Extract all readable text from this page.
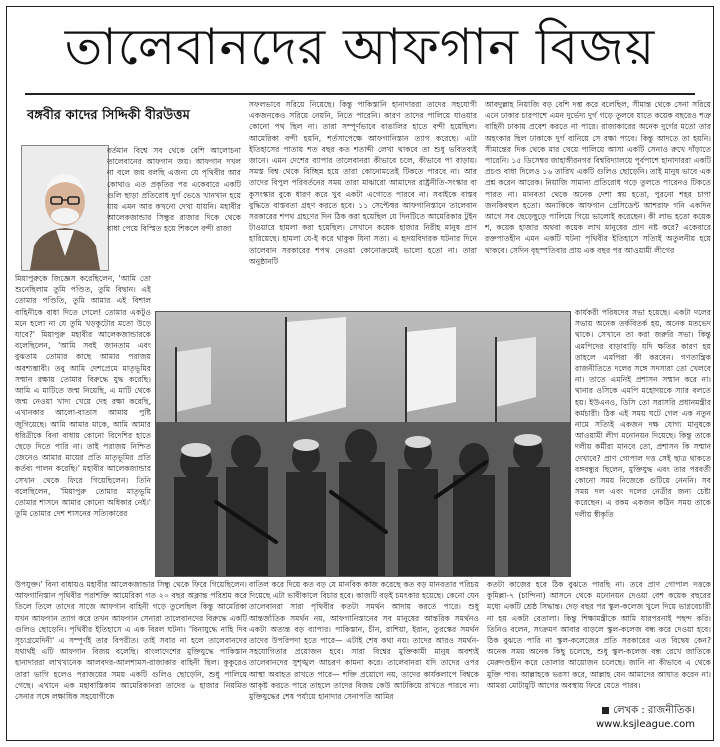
তালেবানদের আফগান বিজয়
বঙ্গবীর কাদের সিদ্দিকী বীরউত্তম
বর্তমান বিশ্বে সব থেকে বেশি আলোচনা তালেবানের আফগান জয়। আফগান দখল না বলে জয় বলছি এজন্য যে পৃথিবীর আর কোথাও এত প্রকৃতির পর একেবারে একটি গুলি ছাড়া প্রতিরোধ দুর্গ ভেঙে খানখান হয়ে যায় এমন আর কখনো দেখা যায়নি। মহাবীর আলেকজান্ডার সিন্ধুর রাজার দিকে থেকে বাধা পেয়ে বিস্মিত হয়ে শিকলে বন্দী রাজা
মিয়াপুরুকে জিজ্ঞেস করেছিলেন, 'আমি তো শুনেছিলাম তুমি পণ্ডিত, তুমি বিদ্বান। এই তোমার পণ্ডিতি, তুমি আমার এই বিশাল বাহিনীকে বাধা দিতে গেলে! তোমার একটুও মনে হলো না যে তুমি খড়কুটোর মতো উড়ে যাবে?' মিয়াপুরু মহাবীর আলেকজান্ডারকে বলেছিলেন, 'আমি সবই জানতাম এবং বুঝতাম তোমার কাছে আমার পরাজয় অবশ্যম্ভাবী। তবু আমি দেশপ্রেমে মাতৃভূমির সম্মান রক্ষায় তোমার বিরুদ্ধে যুদ্ধ করেছি। আমি এ মাটিতে জন্ম নিয়েছি, এ মাটি থেকে জন্ম নেওয়া খাদ্য খেয়ে দেহ রক্ষা করেছি, এখানকার আলো-বাতাস আমায় পুষ্টি জুগিয়েছে। আমি আমার মাকে, আমি আমার ধরিত্রীকে বিনা বাধায় কোনো বিদেশির হাতে ছেড়ে দিতে পারি না। তাই পরাজয় নিশ্চিত জেনেও আমার মায়ের প্রতি মাতৃভূমির প্রতি কর্তব্য পালন করেছি।' মহাবীর আলেকজান্ডার সেখান থেকে ফিরে গিয়েছিলেন। তিনি বলেছিলেন, 'মিয়াপুরু তোমার মাতৃভূমি তোমার শাসনে আমার কোনো অধিকার নেই।' তুমি তোমার দেশ শাসনের সত্যিকারের
উপযুক্ত।' বিনা বাধায়ও মহাবীর আলেকজান্ডার সিন্ধু থেকে ফিরে গিয়েছিলেন। আফগানিস্তান পৃথিবীর পরাশক্তি আমেরিকা গত ২০ বছর অক্লান্ত পরিশ্রম করে তিলে তিলে তাদের সাজে আফগান বাহিনী গড়ে তুলেছিল কিন্তু আমেরিকা যখন আফগান ত্যাগ করে তখন আফগান সেনারা তালেবানদের বিরুদ্ধে একটি গুলিও ছোড়েনি। পৃথিবীর ইতিহাসে এ এক বিরল ঘটনা। 'বিনাযুদ্ধে নাহি দিব সূচ্যগ্রমেদিনী' এ সম্পূর্ণই তার বিপরীত। তাই সবার না হলে তালেবানদের যথার্থই এটি আফগান বিজয় বলেছি। বাংলাদেশের মুক্তিযুদ্ধে পাকিস্তান হানাদাররা লাখখানেক আলবদর-আলশামস-রাজাকার বাহিনী ছিল। কুকুরেও তারা ভাগি হলেও পরাজয়ের সময় একটি গুলিও ছোড়েনি, শুধু পালিয়ে গেছে। এখানে এক মহাবাস্তিকাম আমেরিকানরা তাদের ৬ হাজার নিয়মিত সেনার সঙ্গে লক্ষাধিক সহযোগীকে
সফলভাবে সরিয়ে নিয়েছে। কিন্তু পাকিস্তানি হানাদাররা তাদের সহযোগী একজনকেও সরিয়ে নেয়নি, নিতে পারেনি। কারণ তাদের পালিয়ে যাওয়ার কোনো পথ ছিল না। তারা সম্পূর্ণভাবে বাঙালির হাতে বন্দী হয়েছিল। আমেরিকা বন্দী হয়নি, শর্তসাপেক্ষে আফগানিস্তান ত্যাগ করেছে। এটা ইতিহাসের পাতায় শত বছর কত শতাব্দী লেখা থাকবে তা শুধু ভবিতব্যই জানে। এমন দেশের ব্যাপার তালেবানরা কীভাবে চলে, কীভাবে পা বাড়ায়। সমস্ত বিশ্ব থেকে বিচ্ছিন্ন হয়ে তারা কোনোমতেই টিকতে পারবে না। আর তাদের বিপুল পরিবর্তনের সময় তারা মাঝারো আমাদের রাষ্ট্রনীতি-সংস্কার বা কুসংস্কার বুকে ধারণ করে খুব একটা এগোতে পারবে না। সবাইকে বাস্তব বুদ্ধিতে বাস্তবতা গ্রহণ করতে হবে। ১১ সেপ্টেম্বর আফগানিস্তানে তালেবান সরকারের শপথ গ্রহণের দিন ঠিক করা হয়েছিল যে দিনটিতে আমেরিকার টুইন টাওয়ারে হামলা করা হয়েছিল। সেখানে কয়েক হাজার নিরীহ মানুষ প্রাণ হারিয়েছে। হামলা যে-ই করে থাকুক যিনা সত্য। এ হৃদয়বিদারক ঘটনার দিনে তালেবান সরকারের শপথ নেওয়া কোনোক্রমেই ভালো হতো না। তারা অনুষ্ঠানটি
আবদুল্লাহ নিয়াজি বড় বেশি দম্ভ করে বলেছিল, সীমান্ত থেকে সেনা সরিয়ে এনে ঢাকার চারপাশে এমন দুর্ভেদ্য দুর্গ গড়ে তুলবে যাতে কয়েক বছরেও শত্রু বাহিনী ঢাকায় প্রবেশ করতে না পারে। রাজাকারের অনেক দুর্গের মতো তার অহংকার ছিল ঢাকাকে দুর্গ বানিয়ে সে রক্ষা পাবে। কিন্তু আদতে তা হয়নি। সীমান্তের দিক থেকে মার খেয়ে পালিয়ে আসা একটি সেনাও রুখে দাঁড়াতে পারেনি। ১৫ ডিসেম্বর জাহাঙ্গীরনগর বিশ্ববিদ্যালয়ে পূর্বপাশে হানাদাররা একটি প্রচণ্ড বাধা দিলেও ১৬ তারিখ একটি গুলিও ছোড়েনি। তাই মানুষ ভাবে এক প্রশ্ন করেন আরেক। নিয়াজি সামান্য প্রতিরোধ গড়ে তুলতে পারেনও টিকতে পারত না। মানবতা থেকে অনেক দেশা স্বয় হতো, পুরনো শহর চাপা জনকিবহুল হতো। অনাকিকে আফগান প্রেসিডেন্ট আশরাফ গনি একদিন আগে সব ছেড়েছুড়ে পালিয়ে গিয়ে ভালোই করেছেন। কী লাভ হতো কয়েক শ, কয়েক হাজার অথবা কয়েক লাখ মানুষের প্রাণ নষ্ট করে? একেবারে রক্তপাতহীন এমন একটি ঘটনা পৃথিবীর ইতিহাসে সত্যিই অতুলনীয় হয়ে থাকবে। সেদিন বৃহস্পতিবার প্রায় এক বছর পর আওয়ামী লীগের
কার্যকরী পরিষদের সভা হয়েছে। একটা দলের সভায় অনেক তর্কবিতর্ক হয়, অনেক মতভেদ থাকে। সেখানে তা করা জরুরি সভা। কিন্তু এমপিদের বাড়াবাড়ি যদি ক্ষতির কারণ হয় তাহলে এমপিরা কী করবেন। গণতান্ত্রিক রাজনীতিতে দলের সঙ্গে সদস্যরা তো খেলবে না। তাতে এমনিই প্রশাসন সম্মান করে না। থানার ওসিকে এমপি মহোদয়কে স্যার বলতে হয়। ইউএনও, ডিসি তো সরাসরি প্রধানমন্ত্রীর কর্মচারী। ঠিক এই সময় ঘটে গেল এক নতুন নামে সত্যিই একজন দক্ষ যোগ্য মানুষকে আওয়ামী লীগ মনোনয়ন দিয়েছে। কিন্তু তাকে দলীয় কর্মীরা মানবে তো, প্রশাসন কি সম্মান দেখাবে? প্রাণ গোপাল দত্ত সেই ছাত্র থাকতে বঙ্গবন্ধুর ছিলেন, মুক্তিযুদ্ধ এবং তার পরবর্তী কোনো সময় নিজেকে গুটিয়ে নেননি। সব সময় দল এবং দলের নেত্রীর জন্য চেষ্টা করেছেন। এ রকম একজন কঠিন সময় তাকে দলীয় স্বীকৃতি
বাতিল করে দিয়ে কত বড় যে মানবিক কাজ করেছে কত বড় মানবতার পরিচয় দিয়েছে এটা ভাবীকালে বিচার হবে। কাজটি বড়ই চমৎকার হয়েছে। কেনো যেন তালেবানরা সারা পৃথিবীর কতটা সমর্থন আদায় করতে পারে। শুধু আন্তর্জাতিক সমর্থন নয়, আফগানিস্তানের সব মানুষের আন্তরিক সমর্থনও একটা অত্যন্ত বড় ব্যাপার। পাকিস্তান, চীন, রাশিয়া, ইরান, তুরস্কের সমর্থন তাদের উপরিপদা হতে পারে— এটাই শেষ কথা নয়। তাদের আরও সমর্থন-সহযোগিতার প্রয়োজন হবে। সারা বিশ্বের মুক্তিকামী মানুষ অবশ্যই তালেবানদের সুশৃঙ্খল আচরণ কামনা করে। তালেবানরা যদি তাদের ওপর আস্থা অবাহত রাখতে পারে— শক্তি প্রয়োগে নয়, তাদের কার্যকলাপে বিশ্বকে আকৃষ্ট করতে পারে তাহলে তাদের বিজয় কেউ আটকিয়ে রাখতে পারবে না। মুক্তিযুদ্ধের শেষ পর্যায়ে হানাদার সেনাপতি আমির
কতটা কাজের হবে ঠিক বুঝতে পারছি না। তবে প্রাণ গোপাল দত্তকে কুমিল্লা-৭ (চান্দিনা) আসনে থেকে মনোনয়ন দেওয়া বেশ কয়েক বছরের মধ্যে একটি শ্রেষ্ঠ সিদ্ধান্ত। দেড় বছর পর স্কুল-কলেজ খুলে দিয়ে ভাগ্নবেচারী না হয় একটা বেতালা। কিন্তু শিক্ষামন্ত্রীকে আমি যারপরনাই পছন্দ করি। তিনিও বলেন, সংক্রমণ আবার বাড়লে স্কুল-কলেজ বন্ধ করে দেওয়া হবে। ঠিক বুঝতে পারি না স্কুল-কলেজের প্রতি সরকারের এত বিদ্বেষ কেন? অনেক সময় অনেক কিছু চলেছে, শুধু স্কুল-কলেজ বন্ধ রেখে জাতিকে মেরুদণ্ডহীন করে তোলার আয়োজন চলেছে। জানি না কীভাবে এ থেকে মুক্তি পাব। আল্লাহকে ভরসা করে, আল্লাহ যেন আমাদের আঘাত করেন না। আমরা মোটামুটি আগের অবস্থায় ফিরে যেতে পারব।
লেখক : রাজনীতিক।
www.ksjleague.com
